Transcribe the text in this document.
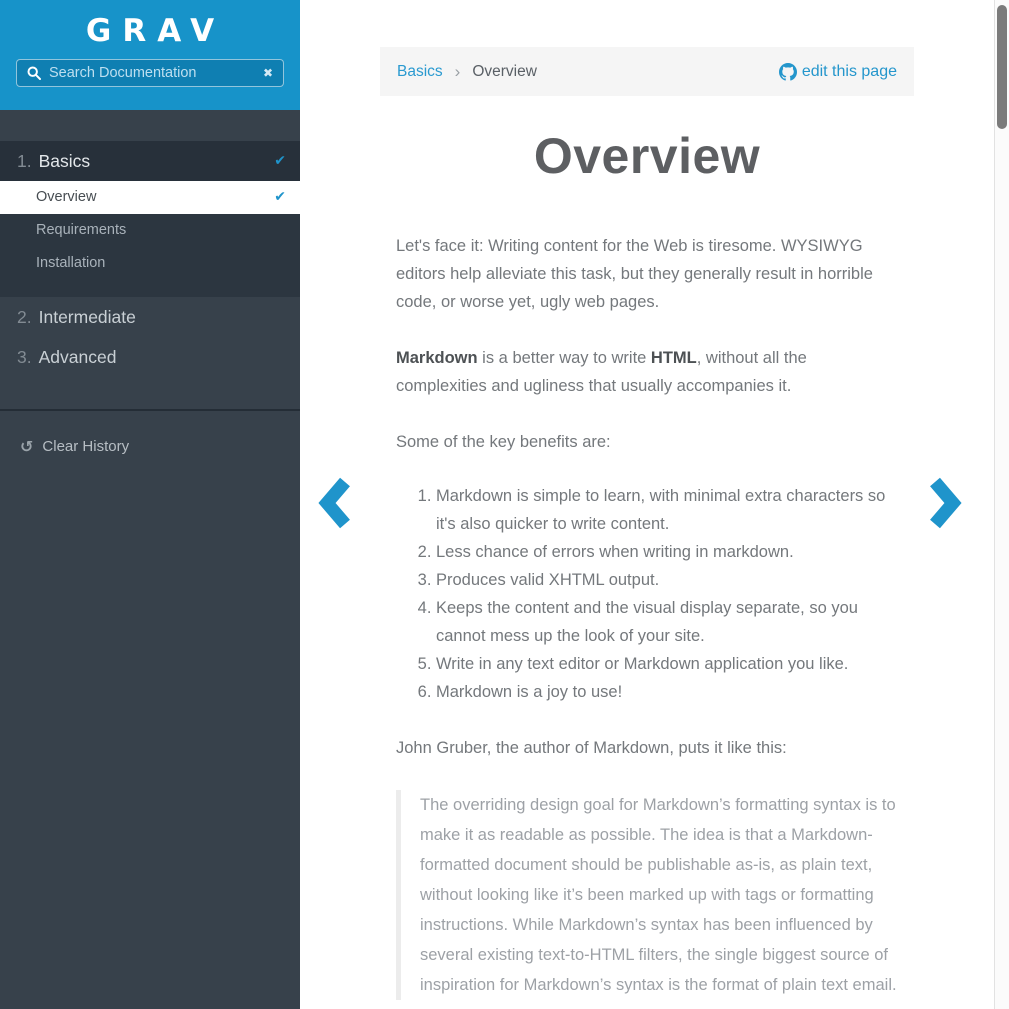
GRAV
Search Documentation
✖
1. Basics	✔
Overview	✔
Requirements
Installation
2. Intermediate
3. Advanced
↺ Clear History
Basics › Overview	edit this page
Overview

Let's face it: Writing content for the Web is tiresome. WYSIWYG editors help alleviate this task, but they generally result in horrible code, or worse yet, ugly web pages.

Markdown is a better way to write HTML, without all the complexities and ugliness that usually accompanies it.

Some of the key benefits are:

1. Markdown is simple to learn, with minimal extra characters so it's also quicker to write content.
2. Less chance of errors when writing in markdown.
3. Produces valid XHTML output.
4. Keeps the content and the visual display separate, so you cannot mess up the look of your site.
5. Write in any text editor or Markdown application you like.
6. Markdown is a joy to use!

John Gruber, the author of Markdown, puts it like this:

The overriding design goal for Markdown’s formatting syntax is to make it as readable as possible. The idea is that a Markdown-formatted document should be publishable as-is, as plain text, without looking like it’s been marked up with tags or formatting instructions. While Markdown’s syntax has been influenced by several existing text-to-HTML filters, the single biggest source of inspiration for Markdown’s syntax is the format of plain text email.
